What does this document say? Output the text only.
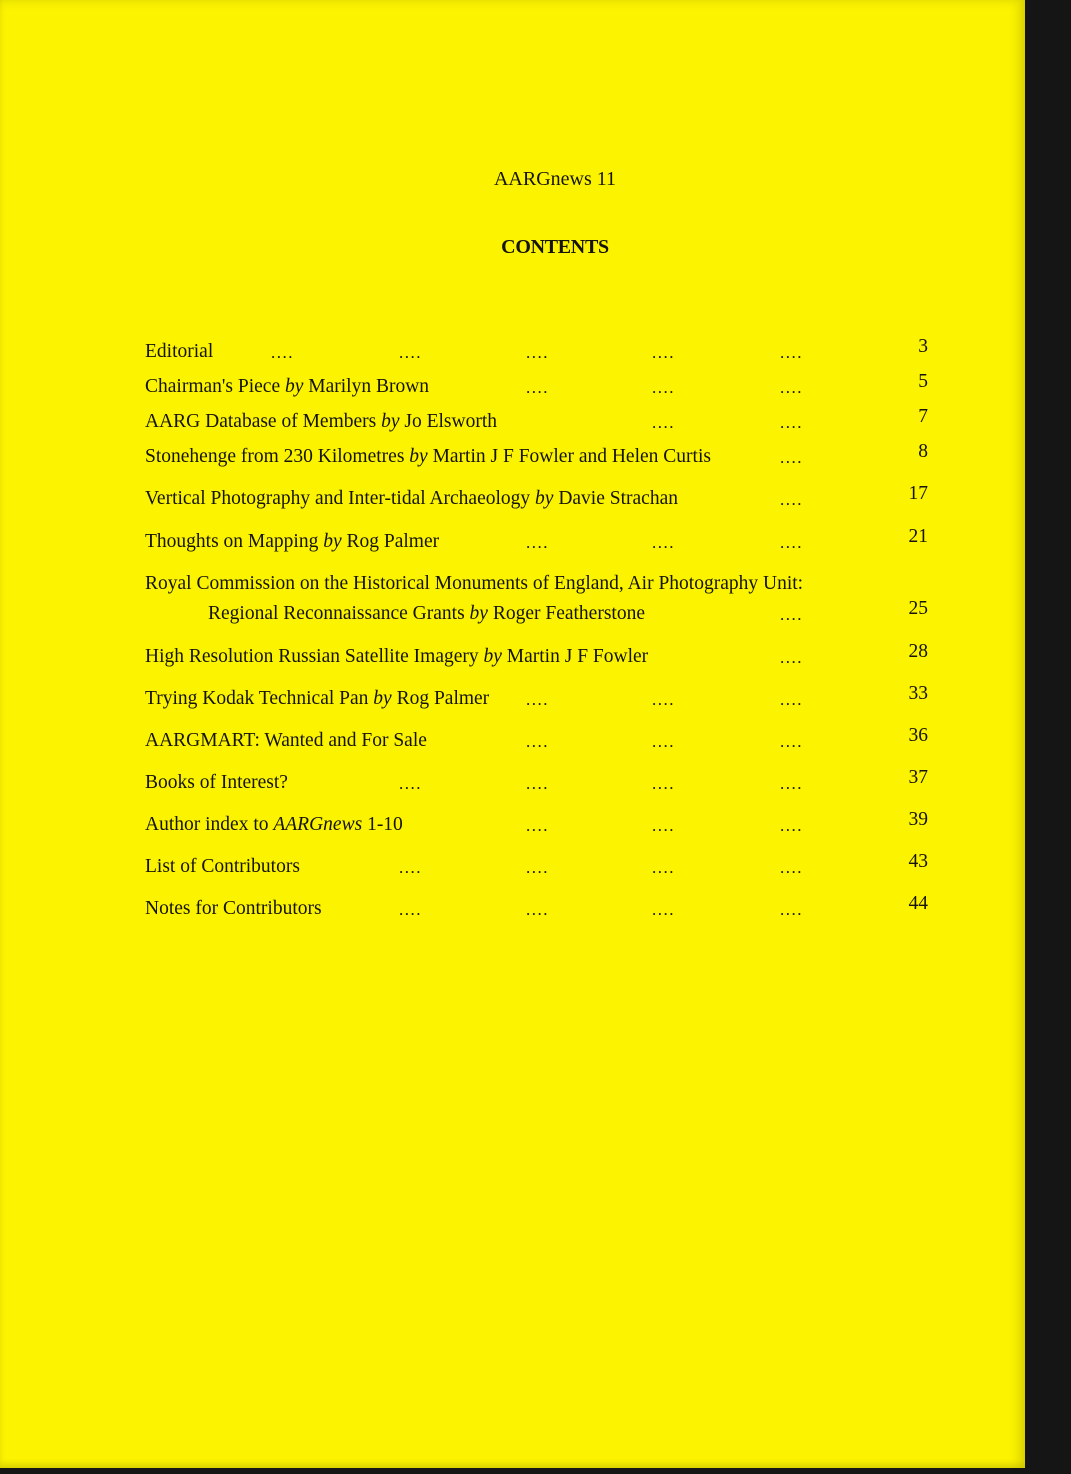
AARGnews 11
CONTENTS
Editorial	....	....	....	....	....	3
Chairman's Piece by Marilyn Brown	....	....	....	5
AARG Database of Members by Jo Elsworth	....	....	7
Stonehenge from 230 Kilometres by Martin J F Fowler and Helen Curtis	....	8
Vertical Photography and Inter-tidal Archaeology by Davie Strachan	....	17
Thoughts on Mapping by Rog Palmer	....	....	....	21
Royal Commission on the Historical Monuments of England, Air Photography Unit:
Regional Reconnaissance Grants by Roger Featherstone	....	25
High Resolution Russian Satellite Imagery by Martin J F Fowler	....	28
Trying Kodak Technical Pan by Rog Palmer ....	....	....	33
AARGMART: Wanted and For Sale	....	....	....	36
Books of Interest?	....	....	....	....	37
Author index to AARGnews 1-10	....	....	....	39
List of Contributors	....	....	....	....	43
Notes for Contributors	....	....	....	....	44
